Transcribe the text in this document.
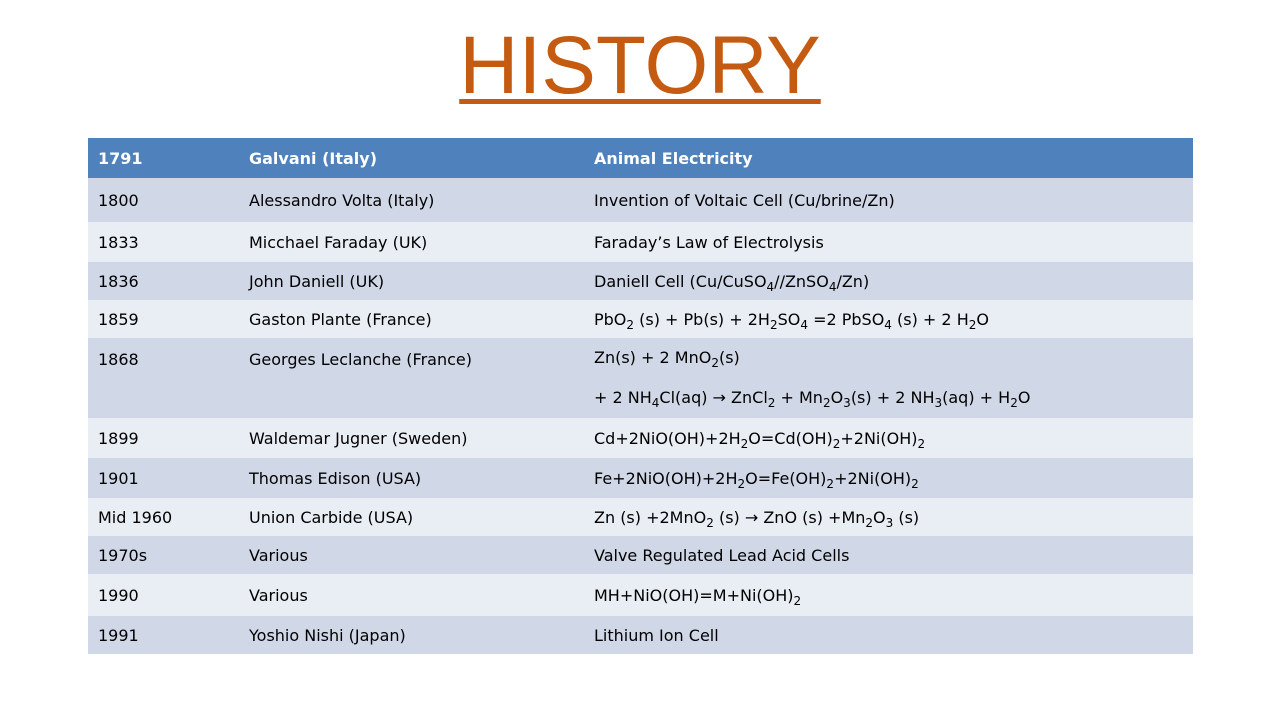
HISTORY
1791	Galvani (Italy)	Animal Electricity
1800	Alessandro Volta (Italy)	Invention of Voltaic Cell (Cu/brine/Zn)
1833	Micchael Faraday (UK)	Faraday’s Law of Electrolysis
1836	John Daniell (UK)	Daniell Cell (Cu/CuSO$_4$//ZnSO$_4$/Zn)
1859	Gaston Plante (France)	PbO$_2$ $(s) + Pb(s) + 2H_2SO_4 =2$ PbSO$_4$ (s) + 2 $H_2O$
1868	Georges Leclanche (France)	Zn(s) + 2 MnO$_2$(s)
+ 2 $NH_4Cl(aq)$ → ZnCl$_2$ + $Mn_2O_3(s) + 2$ $NH_3(aq) + H_2O$

1899	Waldemar Jugner (Sweden)	$Cd+2NiO(OH)+2H_2O=Cd(OH)_2+2Ni(OH)_2$
1901	Thomas Edison (USA)	$Fe+2NiO(OH)+2H_2O=Fe(OH)_2+2Ni(OH)_2$
Mid 1960	Union Carbide (USA)	Zn (s) +2MnO$_2$ (s) → ZnO $(s) +Mn_2O_3$ (s)
1970s	Various	Valve Regulated Lead Acid Cells
1990	Various	$MH+NiO(OH)=M+Ni(OH)_2$
1991	Yoshio Nishi (Japan)	Lithium Ion Cell
